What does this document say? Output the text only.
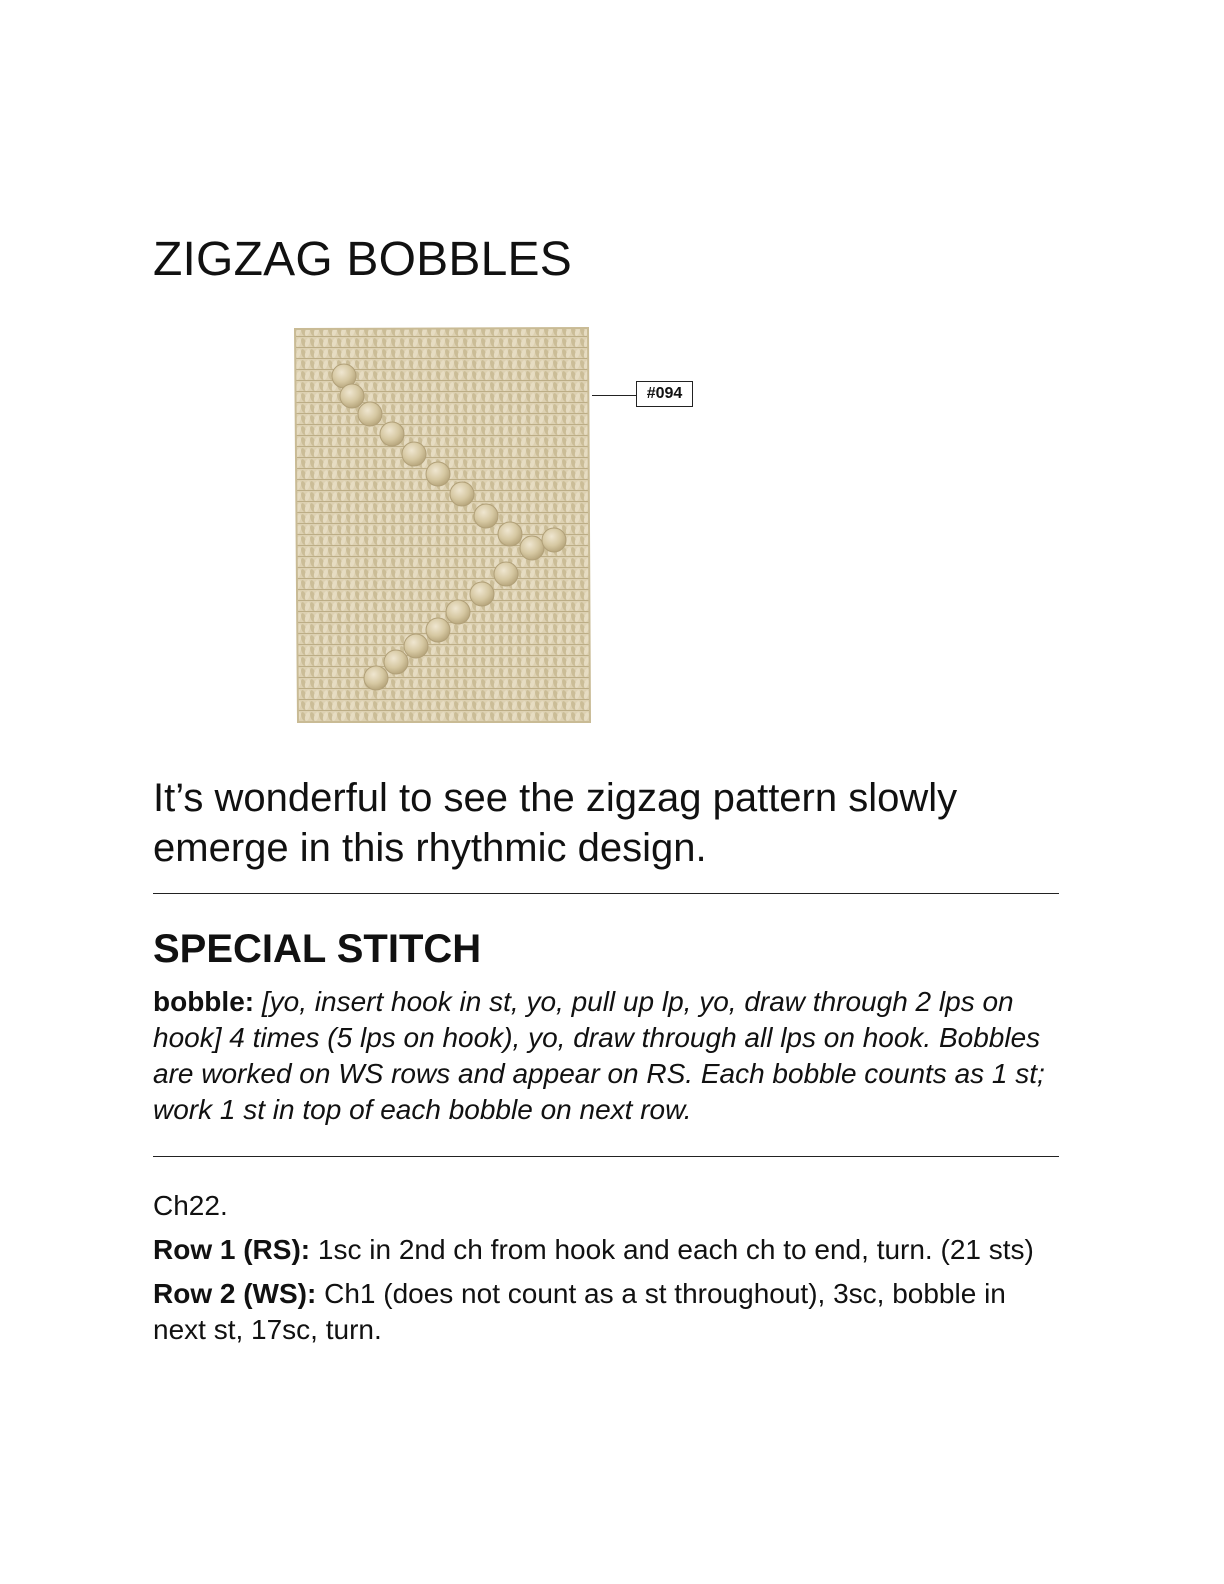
ZIGZAG BOBBLES
#094

It’s wonderful to see the zigzag pattern slowly emerge in this rhythmic design.

SPECIAL STITCH

bobble: [yo, insert hook in st, yo, pull up lp, yo, draw through 2 lps on hook] 4 times (5 lps on hook), yo, draw through all lps on hook. Bobbles are worked on WS rows and appear on RS. Each bobble counts as 1 st; work 1 st in top of each bobble on next row.

Ch22.

Row 1 (RS): 1sc in 2nd ch from hook and each ch to end, turn. (21 sts)

Row 2 (WS): Ch1 (does not count as a st throughout), 3sc, bobble in next st, 17sc, turn.
